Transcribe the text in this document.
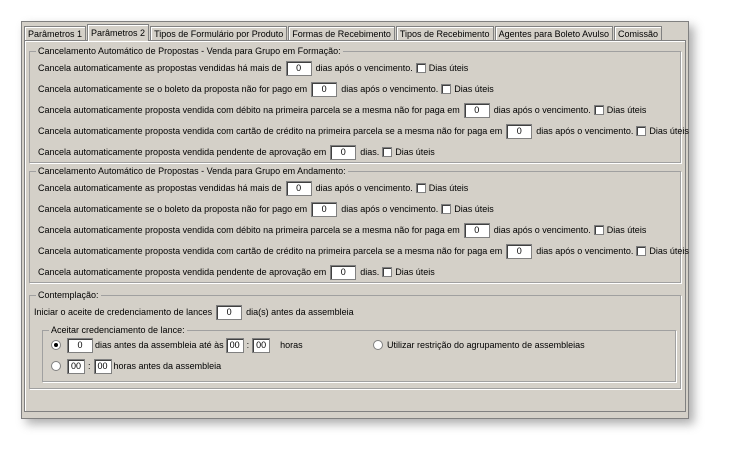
Parâmetros 1	Parâmetros 2	Tipos de Formulário por Produto	Formas de Recebimento	Tipos de Recebimento	Agentes para Boleto Avulso	Comissão
Cancelamento Automático de Propostas - Venda para Grupo em Formação:
Cancela automaticamente as propostas vendidas há mais de	0	dias após o vencimento. Dias úteis
Cancela automaticamente se o boleto da proposta não for pago em	0	dias após o vencimento. Dias úteis
Cancela automaticamente proposta vendida com débito na primeira parcela se a mesma não for paga em	0	dias após o vencimento. Dias úteis
Cancela automaticamente proposta vendida com cartão de crédito na primeira parcela se a mesma não for paga em	0	dias após o vencimento. Dias úteis
Cancela automaticamente proposta vendida pendente de aprovação em	0	dias. Dias úteis
Cancelamento Automático de Propostas - Venda para Grupo em Andamento:
Cancela automaticamente as propostas vendidas há mais de	0	dias após o vencimento. Dias úteis
Cancela automaticamente se o boleto da proposta não for pago em	0	dias após o vencimento. Dias úteis
Cancela automaticamente proposta vendida com débito na primeira parcela se a mesma não for paga em	0	dias após o vencimento. Dias úteis
Cancela automaticamente proposta vendida com cartão de crédito na primeira parcela se a mesma não for paga em	0	dias após o vencimento. Dias úteis
Cancela automaticamente proposta vendida pendente de aprovação em	0	dias. Dias úteis
Contemplação:
Iniciar o aceite de credenciamento de lances	0	dia(s) antes da assembleia
Aceitar credenciamento de lance:
0	dias antes da assembleia até às 00 : 00	horas	Utilizar restrição do agrupamento de assembleias
00 : 00 horas antes da assembleia
